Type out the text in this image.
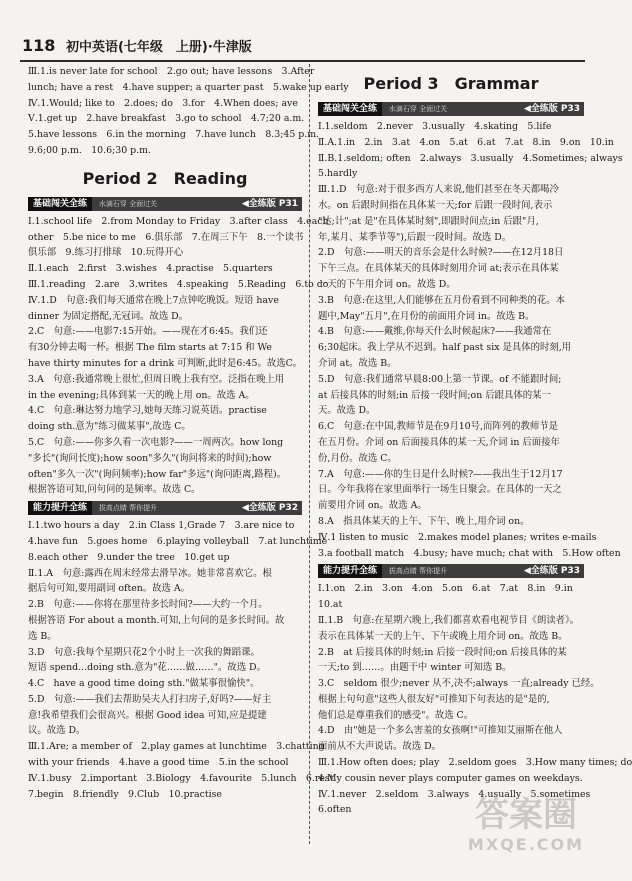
118 初中英语(七年级　上册)·牛津版
Ⅲ.1.is never late for school　2.go out; have lessons　3.After
lunch; have a rest　4.have supper; a quarter past　5.wake up early
Ⅳ.1.Would; like to　2.does; do　3.for　4.When does; ave
Ⅴ.1.get up　2.have breakfast　3.go to school　4.7;20 a.m.
5.have lessons　6.in the morning　7.have lunch　8.3;45 p.m.
9.6;00 p.m.　10.6;30 p.m.
Period 2　Reading
基础闯关全练 水滴石穿 全面过关	◀全练版 P31
Ⅰ.1.school life　2.from Monday to Friday　3.after class　4.each
other　5.be nice to me　6.俱乐部　7.在周三下午　8.一个读书
俱乐部　9.练习打排球　10.玩得开心
Ⅱ.1.each　2.first　3.wishes　4.practise　5.quarters
Ⅲ.1.reading　2.are　3.writes　4.speaking　5.Reading　6.to do
Ⅳ.1.D　句意:我们每天通常在晚上7点钟吃晚饭。短语 have
dinner 为固定搭配,无冠词。故选 D。
2.C　句意:——电影7:15开始。——现在才6:45。我们还
有30分钟去喝一杯。根据 The film starts at 7:15 和 We
have thirty minutes for a drink 可判断,此时是6:45。故选C。
3.A　句意:我通常晚上很忙,但周日晚上我有空。泛指在晚上用
in the evening;具体到某一天的晚上用 on。故选 A。
4.C　句意:琳达努力地学习,她每天练习说英语。practise
doing sth.意为"练习做某事",故选 C。
5.C　句意:——你多久看一次电影?——一周两次。how long
"多长"(询问长度);how soon"多久"(询问将来的时间);how
often"多久一次"(询问频率);how far"多远"(询问距离,路程)。
根据答语可知,问句问的是频率。故选 C。
能力提升全练 拔高点睛 帮你提升	◀全练版 P32
Ⅰ.1.two hours a day　2.in Class 1,Grade 7　3.are nice to
4.have fun　5.goes home　6.playing volleyball　7.at lunchtime
8.each other　9.under the tree　10.get up
Ⅱ.1.A　句意:露西在周末经常去滑旱冰。她非常喜欢它。根
据后句可知,要用副词 often。故选 A。
2.B　句意:——你将在那里待多长时间?——大约一个月。
根据答语 For about a month.可知,上句问的是多长时间。故
选 B。
3.D　句意:我每个星期只花2个小时上一次我的舞蹈课。
短语 spend...doing sth.意为"花……做……"。故选 D。
4.C　have a good time doing sth."做某事很愉快"。
5.D　句意:——我们去帮助吴夫人打扫房子,好吗?——好主
意!我希望我们会很高兴。根据 Good idea 可知,应是提建
议。故选 D。
Ⅲ.1.Are; a member of　2.play games at lunchtime　3.chatting
with your friends　4.have a good time　5.in the school
Ⅳ.1.busy　2.important　3.Biology　4.favourite　5.lunch　6.rest
7.begin　8.friendly　9.Club　10.practise
Period 3　Grammar
基础闯关全练 水滴石穿 全面过关	◀全练版 P33
Ⅰ.1.seldom　2.never　3.usually　4.skating　5.life
Ⅱ.A.1.in　2.in　3.at　4.on　5.at　6.at　7.at　8.in　9.on　10.in
Ⅱ.B.1.seldom; often　2.always　3.usually　4.Sometimes; always
5.hardly
Ⅲ.1.D　句意:对于很多西方人来说,他们甚至在冬天都喝冷
水。on 后跟时间指在具体某一天;for 后跟一段时间,表示
"达;计";at 是"在具体某时刻",即跟时间点;in 后跟"月,
年,某月、某季节等"),后跟一段时间。故选 D。
2.D　句意:——明天的音乐会是什么时候?——在12月18日
下午三点。在具体某天的具体时刻用介词 at;表示在具体某
一天的下午用介词 on。故选 D。
3.B　句意:在这里,人们能够在五月份看到不同种类的花。本
题中,May"五月",在月份的前面用介词 in。故选 B。
4.B　句意:——戴维,你每天什么时候起床?——我通常在
6;30起床。我上学从不迟到。half past six 是具体的时刻,用
介词 at。故选 B。
5.D　句意:我们通常早晨8:00上第一节课。of 不能跟时间;
at 后接具体的时刻;in 后接一段时间;on 后跟具体的某一
天。故选 D。
6.C　句意:在中国,教师节是在9月10号,而阵列的教师节是
在五月份。介词 on 后面接具体的某一天,介词 in 后面接年
份,月份。故选 C。
7.A　句意:——你的生日是什么时候?——我出生于12月17
日。今年我将在家里面举行一场生日聚会。在具体的一天之
前要用介词 on。故选 A。
8.A　指具体某天的上午、下午、晚上,用介词 on。
Ⅳ.1 listen to music　2.makes model planes; writes e-mails
3.a football match　4.busy; have much; chat with　5.How often
能力提升全练 拔高点睛 帮你提升	◀全练版 P33
Ⅰ.1.on　2.in　3.on　4.on　5.on　6.at　7.at　8.in　9.in
10.at
Ⅱ.1.B　句意:在星期六晚上,我们都喜欢看电视节目《朗读者》。
表示在具体某一天的上午、下午或晚上用介词 on。故选 B。
2.B　at 后接具体的时刻;in 后接一段时间;on 后接具体的某
一天;to 到……。由题干中 winter 可知选 B。
3.C　seldom 很少;never 从不,决不;always 一直;already 已经。
根据上句句意"这些人很友好"可推知下句表达的是"是的,
他们总是尊重我们的感受"。故选 C。
4.D　由"她是一个多么害羞的女孩啊!"可推知艾丽斯在他人
面前从不大声说话。故选 D。
Ⅲ.1.How often does; play　2.seldom goes　3.How many times; do
4.My cousin never plays computer games on weekdays.
Ⅳ.1.never　2.seldom　3.always　4.usually　5.sometimes
6.often	答案圈
MXQE.COM
